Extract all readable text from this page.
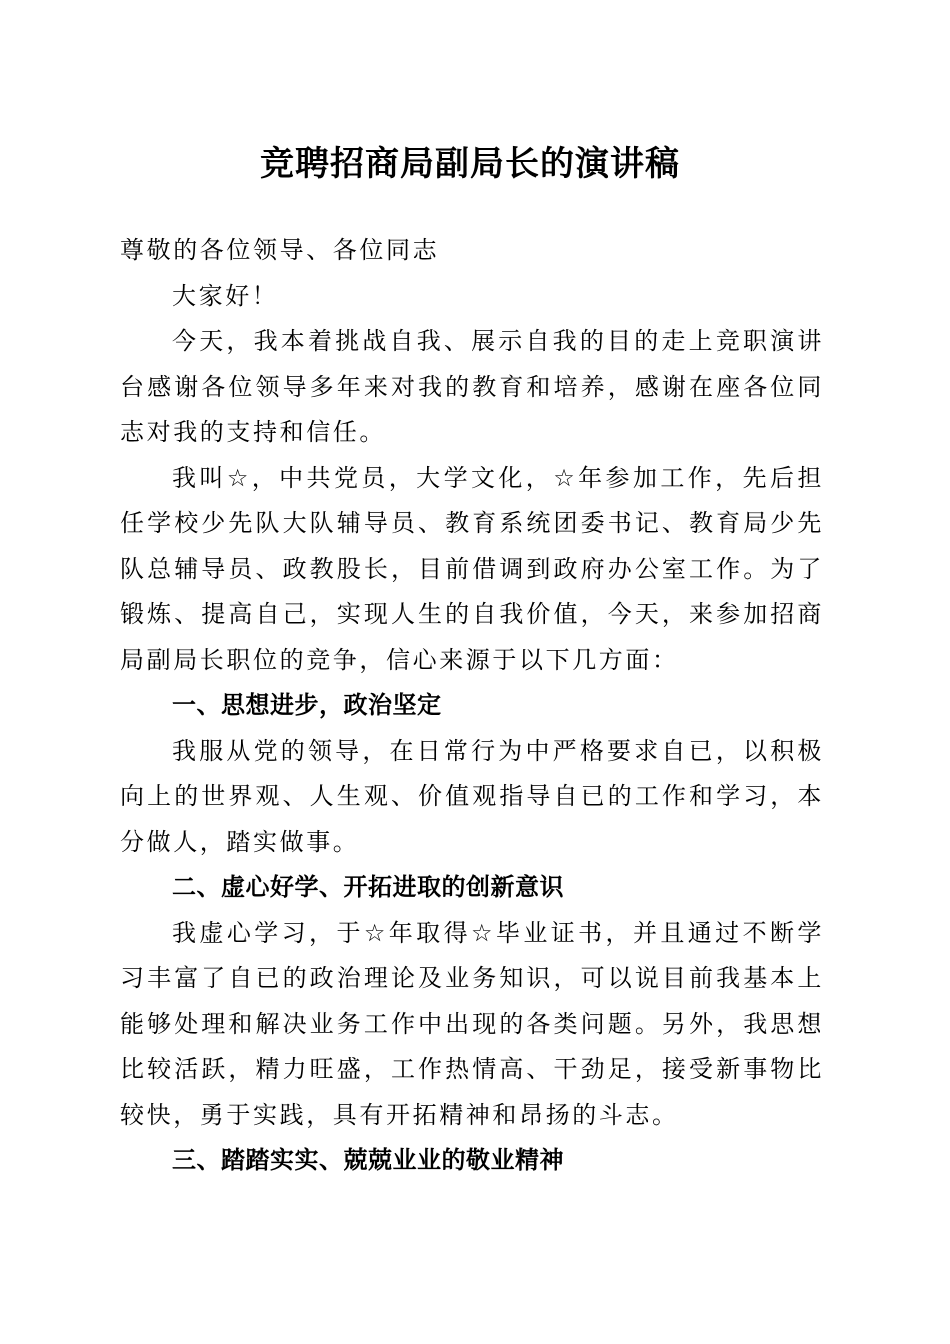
竞聘招商局副局长的演讲稿

尊敬的各位领导、各位同志

大家好！

今天，我本着挑战自我、展示自我的目的走上竞职演讲台感谢各位领导多年来对我的教育和培养，感谢在座各位同志对我的支持和信任。

我叫☆，中共党员，大学文化，☆年参加工作，先后担任学校少先队大队辅导员、教育系统团委书记、教育局少先队总辅导员、政教股长，目前借调到政府办公室工作。为了锻炼、提高自己，实现人生的自我价值，今天，来参加招商局副局长职位的竞争，信心来源于以下几方面：

一、思想进步，政治坚定

我服从党的领导，在日常行为中严格要求自已，以积极向上的世界观、人生观、价值观指导自已的工作和学习，本分做人，踏实做事。

二、虚心好学、开拓进取的创新意识

我虚心学习，于☆年取得☆毕业证书，并且通过不断学习丰富了自已的政治理论及业务知识，可以说目前我基本上能够处理和解决业务工作中出现的各类问题。另外，我思想比较活跃，精力旺盛，工作热情高、干劲足，接受新事物比较快，勇于实践，具有开拓精神和昂扬的斗志。

三、踏踏实实、兢兢业业的敬业精神
